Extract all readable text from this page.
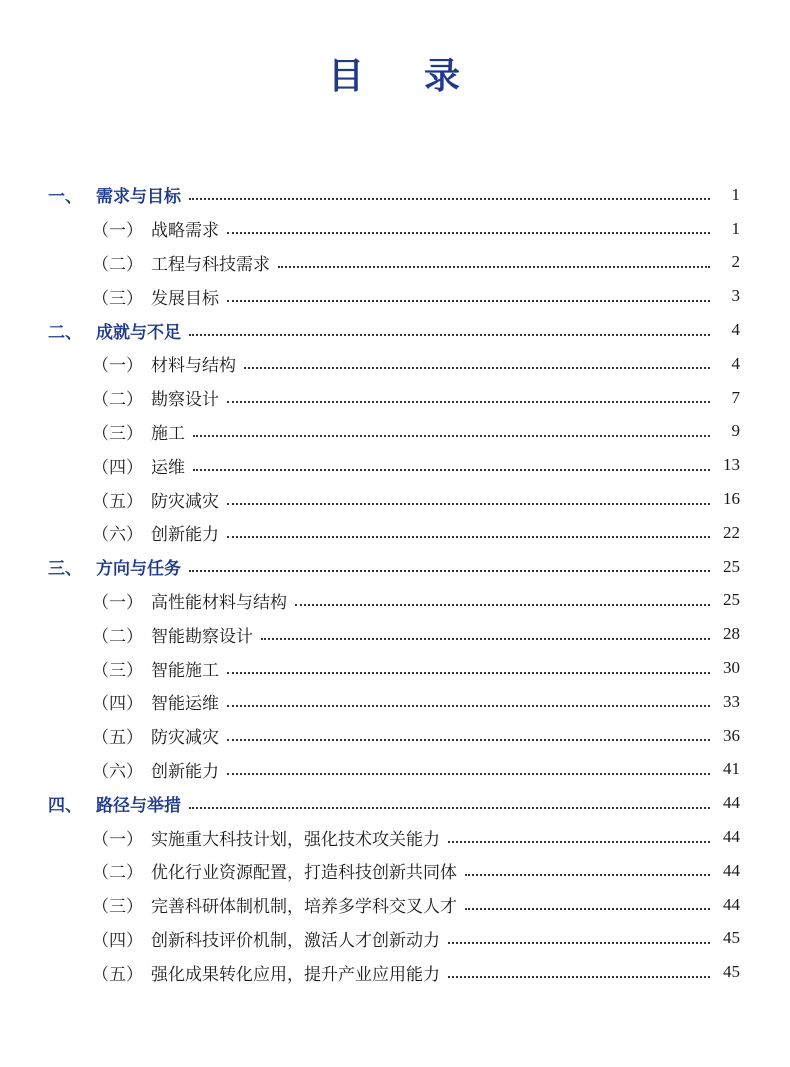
目 录
一、 需求与目标	1
（一） 战略需求	1
（二） 工程与科技需求	2
（三） 发展目标	3
二、 成就与不足	4
（一） 材料与结构	4
（二） 勘察设计	7
（三） 施工	9
（四） 运维	13
（五） 防灾减灾	16
（六） 创新能力	22
三、 方向与任务	25
（一） 高性能材料与结构	25
（二） 智能勘察设计	28
（三） 智能施工	30
（四） 智能运维	33
（五） 防灾减灾	36
（六） 创新能力	41
四、 路径与举措	44
（一） 实施重大科技计划，强化技术攻关能力	44
（二） 优化行业资源配置，打造科技创新共同体	44
（三） 完善科研体制机制，培养多学科交叉人才	44
（四） 创新科技评价机制，激活人才创新动力	45
（五） 强化成果转化应用，提升产业应用能力	45
